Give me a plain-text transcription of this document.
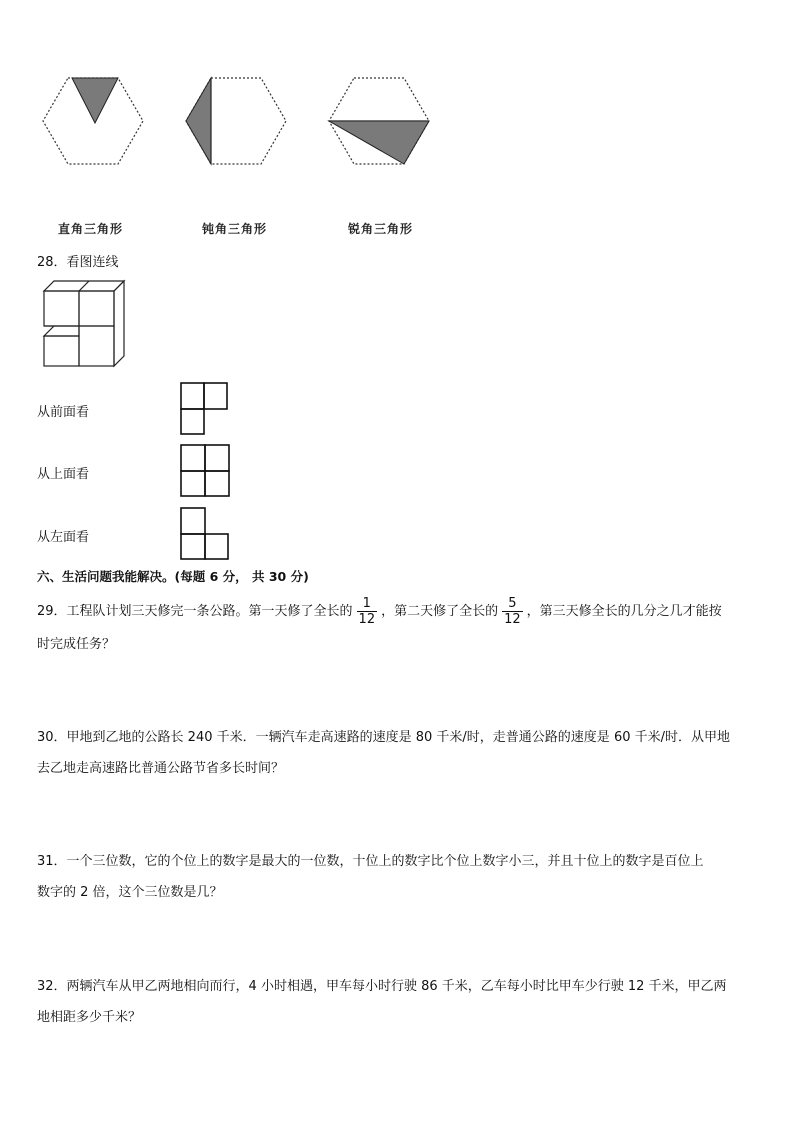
直角三角形	钝角三角形	锐角三角形
28．看图连线
从前面看
从上面看
从左面看
六、生活问题我能解决。(每题 6 分， 共 30 分)
29．工程队计划三天修完一条公路。第一天修了全长的 $\frac{1}{12}$ ，第二天修了全长的 $\frac{5}{12}$ ，第三天修全长的几分之几才能按
时完成任务？
30．甲地到乙地的公路长 240 千米．一辆汽车走高速路的速度是 80 千米/时，走普通公路的速度是 60 千米/时．从甲地
去乙地走高速路比普通公路节省多长时间？
31．一个三位数，它的个位上的数字是最大的一位数，十位上的数字比个位上数字小三，并且十位上的数字是百位上
数字的 2 倍，这个三位数是几？
32．两辆汽车从甲乙两地相向而行，4 小时相遇，甲车每小时行驶 86 千米，乙车每小时比甲车少行驶 12 千米，甲乙两
地相距多少千米？
